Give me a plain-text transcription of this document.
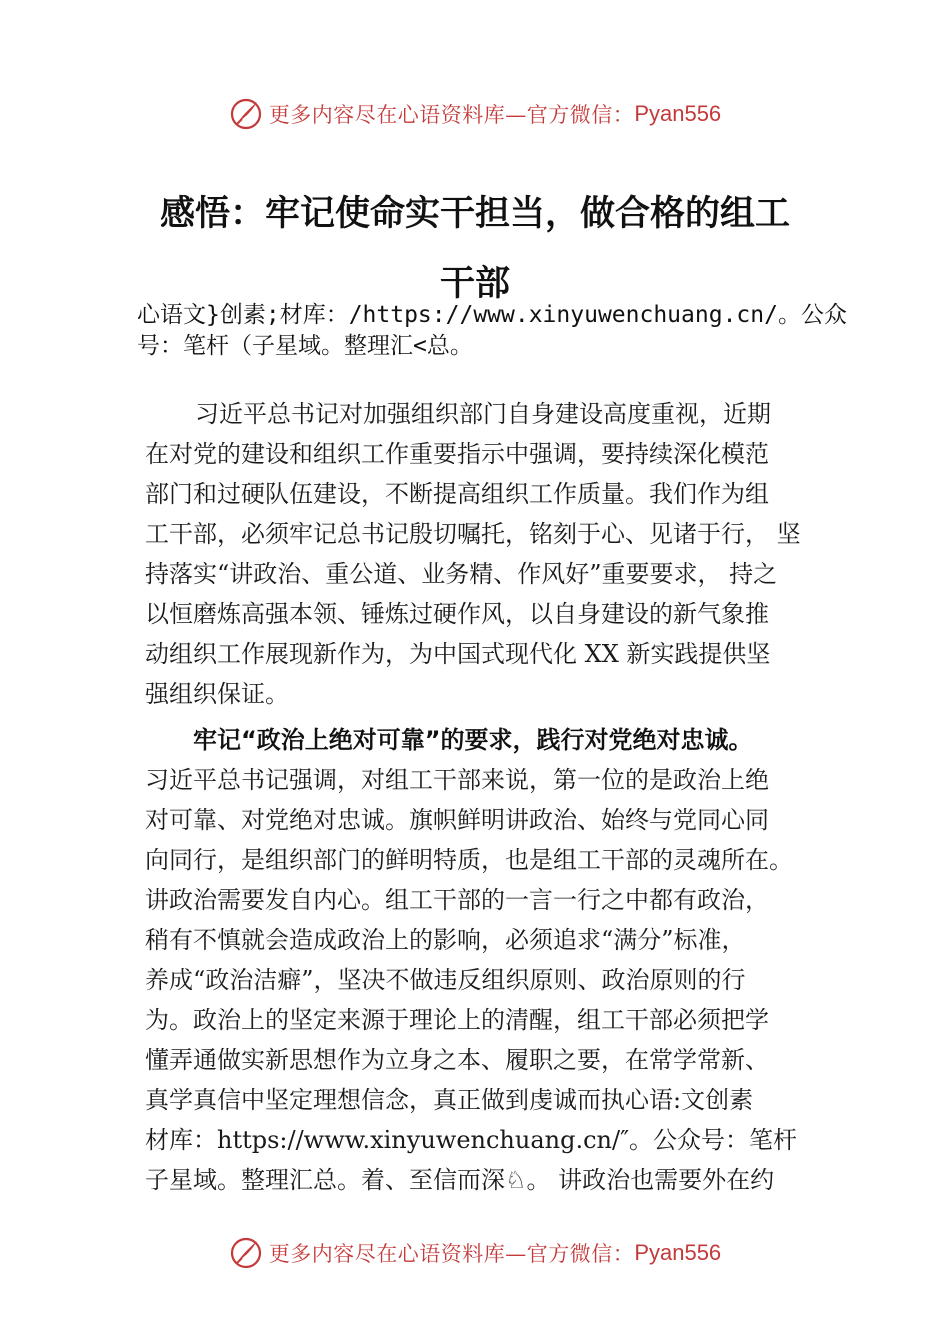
更多内容尽在心语资料库—官方微信： Pyan556
感悟：牢记使命实干担当，做合格的组工
干部
心语文}创素;材库：/https://www.xinyuwenchuang.cn/。公众
号：笔杆（子星域。整理汇<总。
习近平总书记对加强组织部门自身建设高度重视，近期
在对党的建设和组织工作重要指示中强调，要持续深化模范
部门和过硬队伍建设，不断提高组织工作质量。我们作为组
工干部，必须牢记总书记殷切嘱托，铭刻于心、见诸于行， 坚
持落实“讲政治、重公道、业务精、作风好”重要要求， 持之
以恒磨炼高强本领、锤炼过硬作风，以自身建设的新气象推
动组织工作展现新作为，为中国式现代化 XX 新实践提供坚
强组织保证。
牢记“政治上绝对可靠”的要求，践行对党绝对忠诚。
习近平总书记强调，对组工干部来说，第一位的是政治上绝
对可靠、对党绝对忠诚。旗帜鲜明讲政治、始终与党同心同
向同行，是组织部门的鲜明特质，也是组工干部的灵魂所在。
讲政治需要发自内心。组工干部的一言一行之中都有政治，
稍有不慎就会造成政治上的影响，必须追求“满分”标准，
养成“政治洁癖”，坚决不做违反组织原则、政治原则的行
为。政治上的坚定来源于理论上的清醒，组工干部必须把学
懂弄通做实新思想作为立身之本、履职之要，在常学常新、
真学真信中坚定理想信念，真正做到虔诚而执心语:文创素
材库：https://www.xinyuwenchuang.cn/″。公众号：笔杆
子星域。整理汇总。着、至信而深♘。 讲政治也需要外在约
更多内容尽在心语资料库—官方微信： Pyan556
